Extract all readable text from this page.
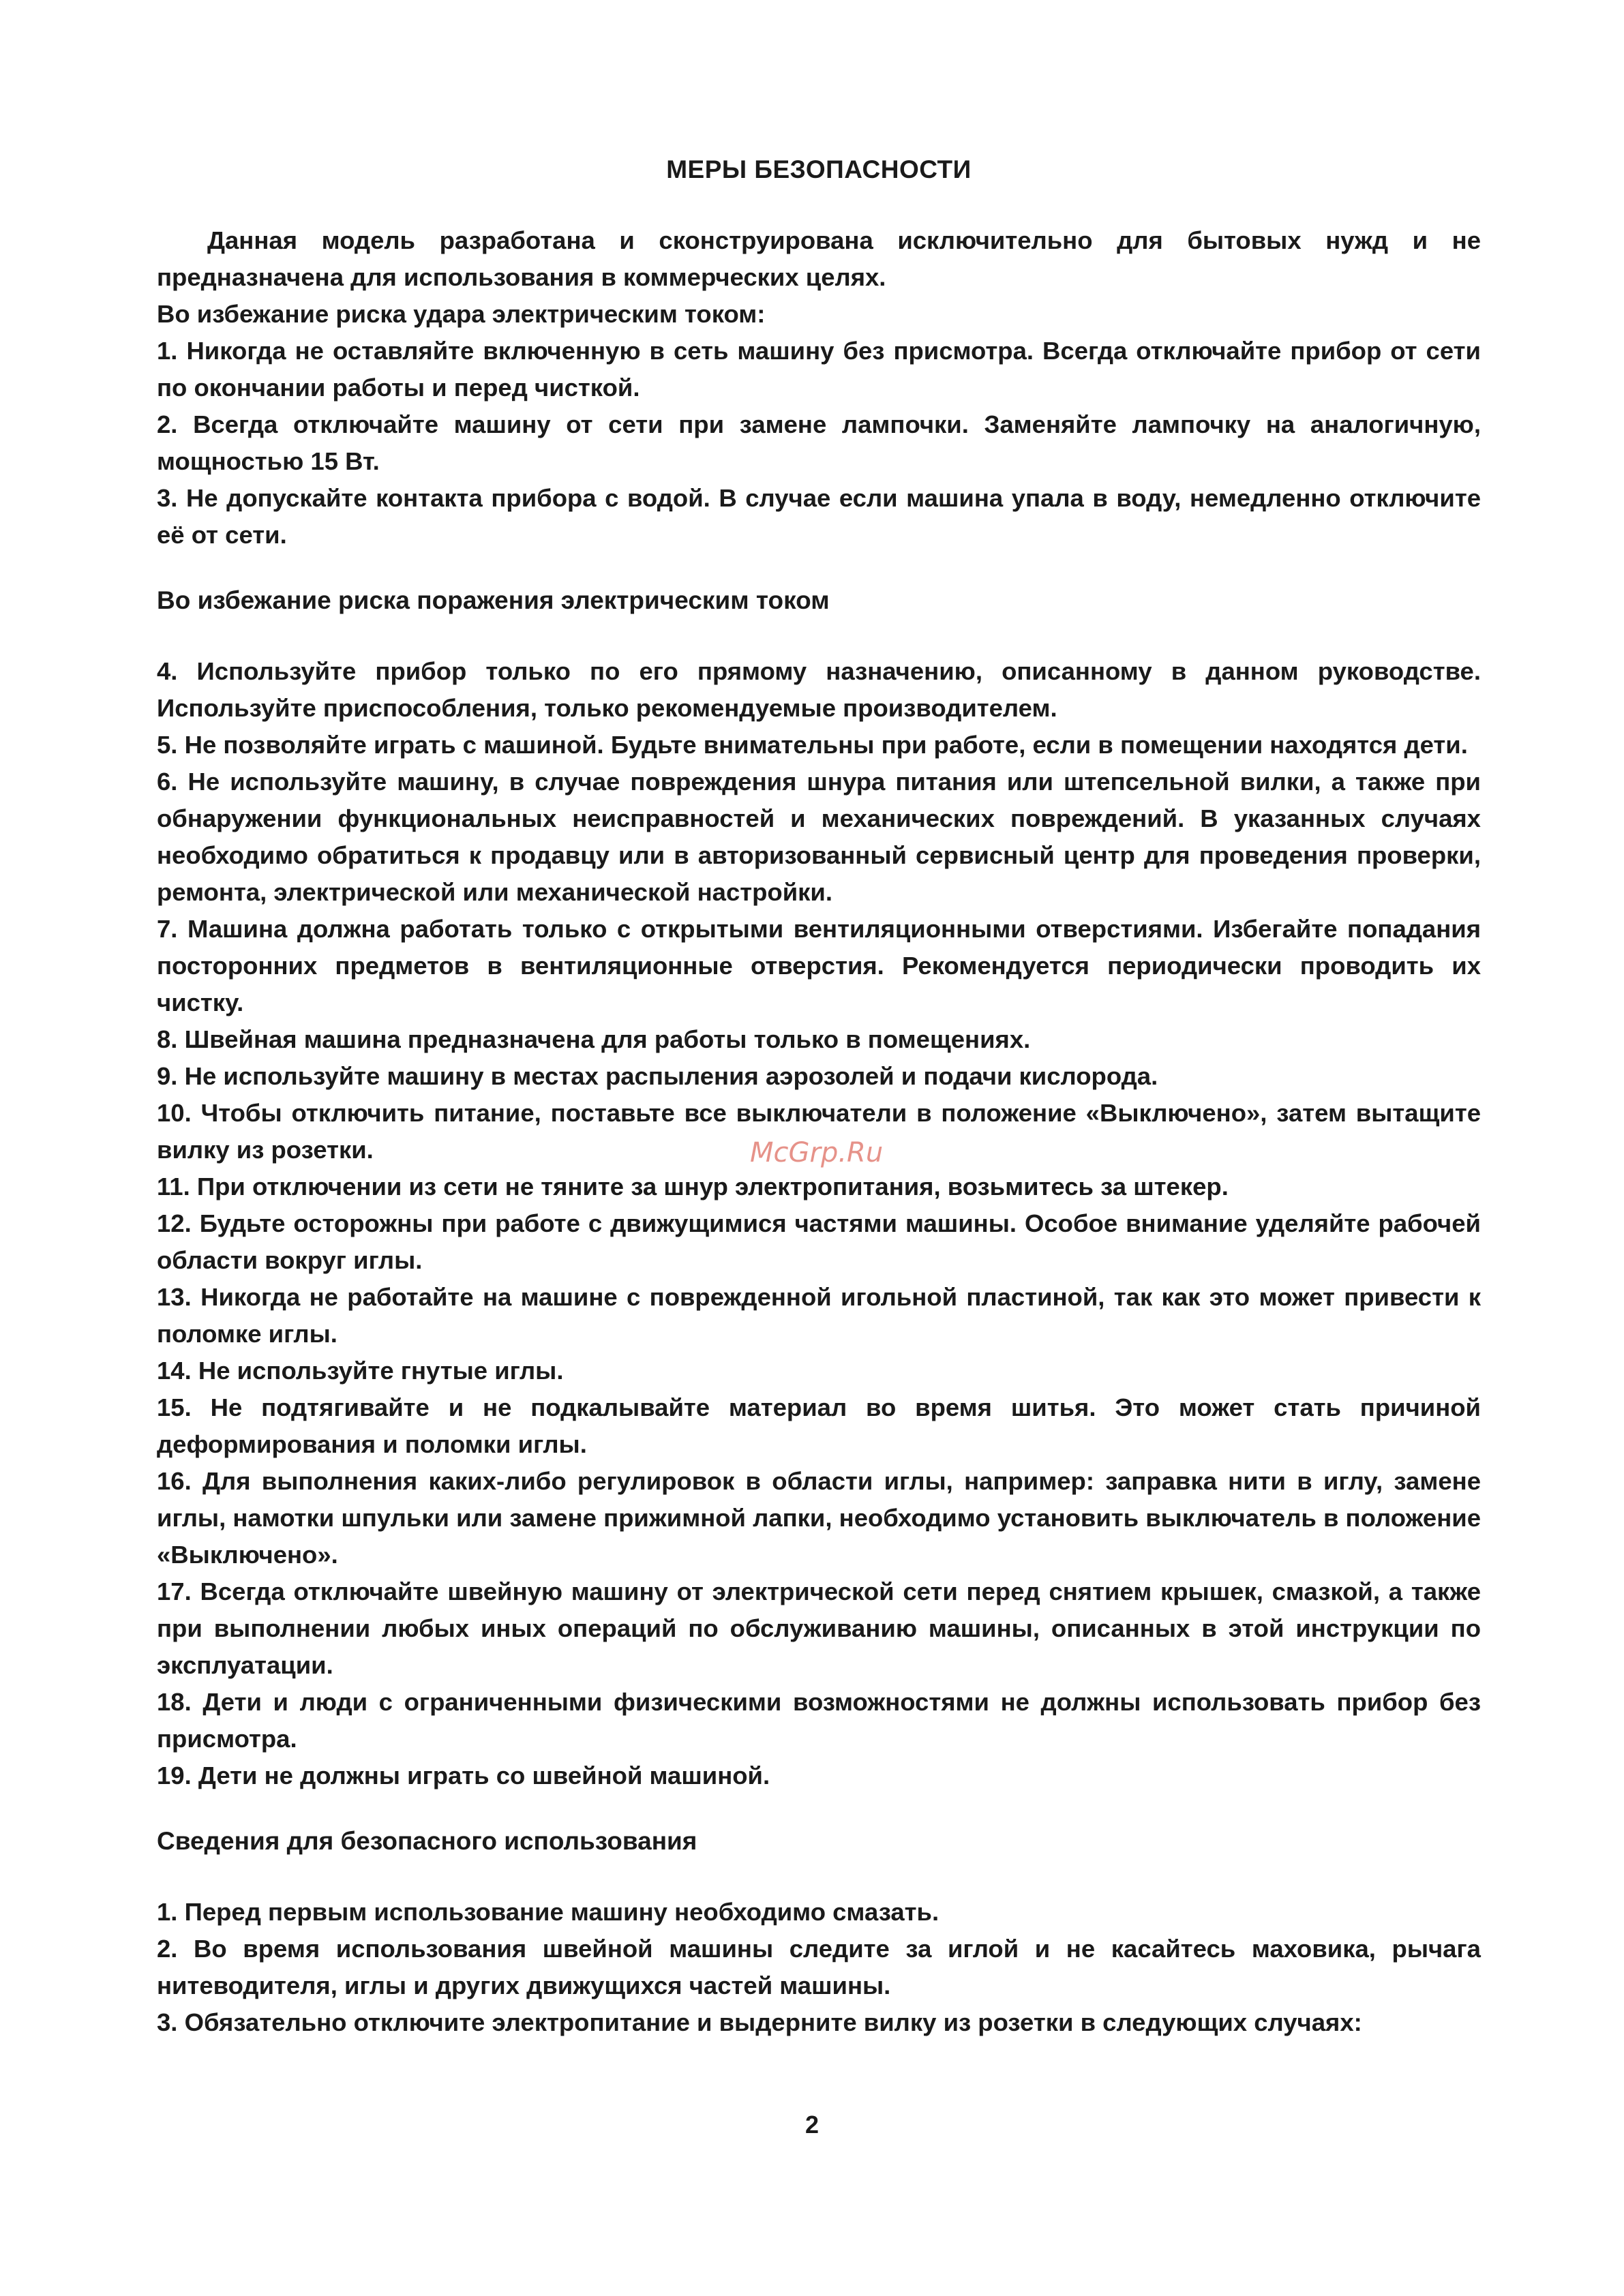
МЕРЫ БЕЗОПАСНОСТИ

Данная модель разработана и сконструирована исключительно для бытовых нужд и не предназначена для использования в коммерческих целях.

Во избежание риска удара электрическим током:

1. Никогда не оставляйте включенную в сеть машину без присмотра. Всегда отключайте прибор от сети по окончании работы и перед чисткой.

2. Всегда отключайте машину от сети при замене лампочки. Заменяйте лампочку на аналогичную, мощностью 15 Вт.

3. Не допускайте контакта прибора с водой. В случае если машина упала в воду, немедленно отключите её от сети.

Во избежание риска поражения электрическим током

4. Используйте прибор только по его прямому назначению, описанному в данном руководстве. Используйте приспособления, только рекомендуемые производителем.

5. Не позволяйте играть с машиной. Будьте внимательны при работе, если в помещении находятся дети.

6. Не используйте машину, в случае повреждения шнура питания или штепсельной вилки, а также при обнаружении функциональных неисправностей и механических повреждений. В указанных случаях необходимо обратиться к продавцу или в авторизованный сервисный центр для проведения проверки, ремонта, электрической или механической настройки.

7. Машина должна работать только с открытыми вентиляционными отверстиями. Избегайте попадания посторонних предметов в вентиляционные отверстия. Рекомендуется периодически проводить их чистку.

8. Швейная машина предназначена для работы только в помещениях.

9. Не используйте машину в местах распыления аэрозолей и подачи кислорода.

10. Чтобы отключить питание, поставьте все выключатели в положение «Выключено», затем вытащите вилку из розетки.

11. При отключении из сети не тяните за шнур электропитания, возьмитесь за штекер.

12. Будьте осторожны при работе с движущимися частями машины. Особое внимание уделяйте рабочей области вокруг иглы.

13. Никогда не работайте на машине с поврежденной игольной пластиной, так как это может привести к поломке иглы.

14. Не используйте гнутые иглы.

15. Не подтягивайте и не подкалывайте материал во время шитья. Это может стать причиной деформирования и поломки иглы.

16. Для выполнения каких-либо регулировок в области иглы, например: заправка нити в иглу, замене иглы, намотки шпульки или замене прижимной лапки, необходимо установить выключатель в положение «Выключено».

17. Всегда отключайте швейную машину от электрической сети перед снятием крышек, смазкой, а также при выполнении любых иных операций по обслуживанию машины, описанных в этой инструкции по эксплуатации.

18. Дети и люди с ограниченными физическими возможностями не должны использовать прибор без присмотра.

19. Дети не должны играть со швейной машиной.

Сведения для безопасного использования

1. Перед первым использование машину необходимо смазать.

2. Во время использования швейной машины следите за иглой и не касайтесь маховика, рычага нитеводителя, иглы и других движущихся частей машины.

3. Обязательно отключите электропитание и выдерните вилку из розетки в следующих случаях:

McGrp.Ru
2
